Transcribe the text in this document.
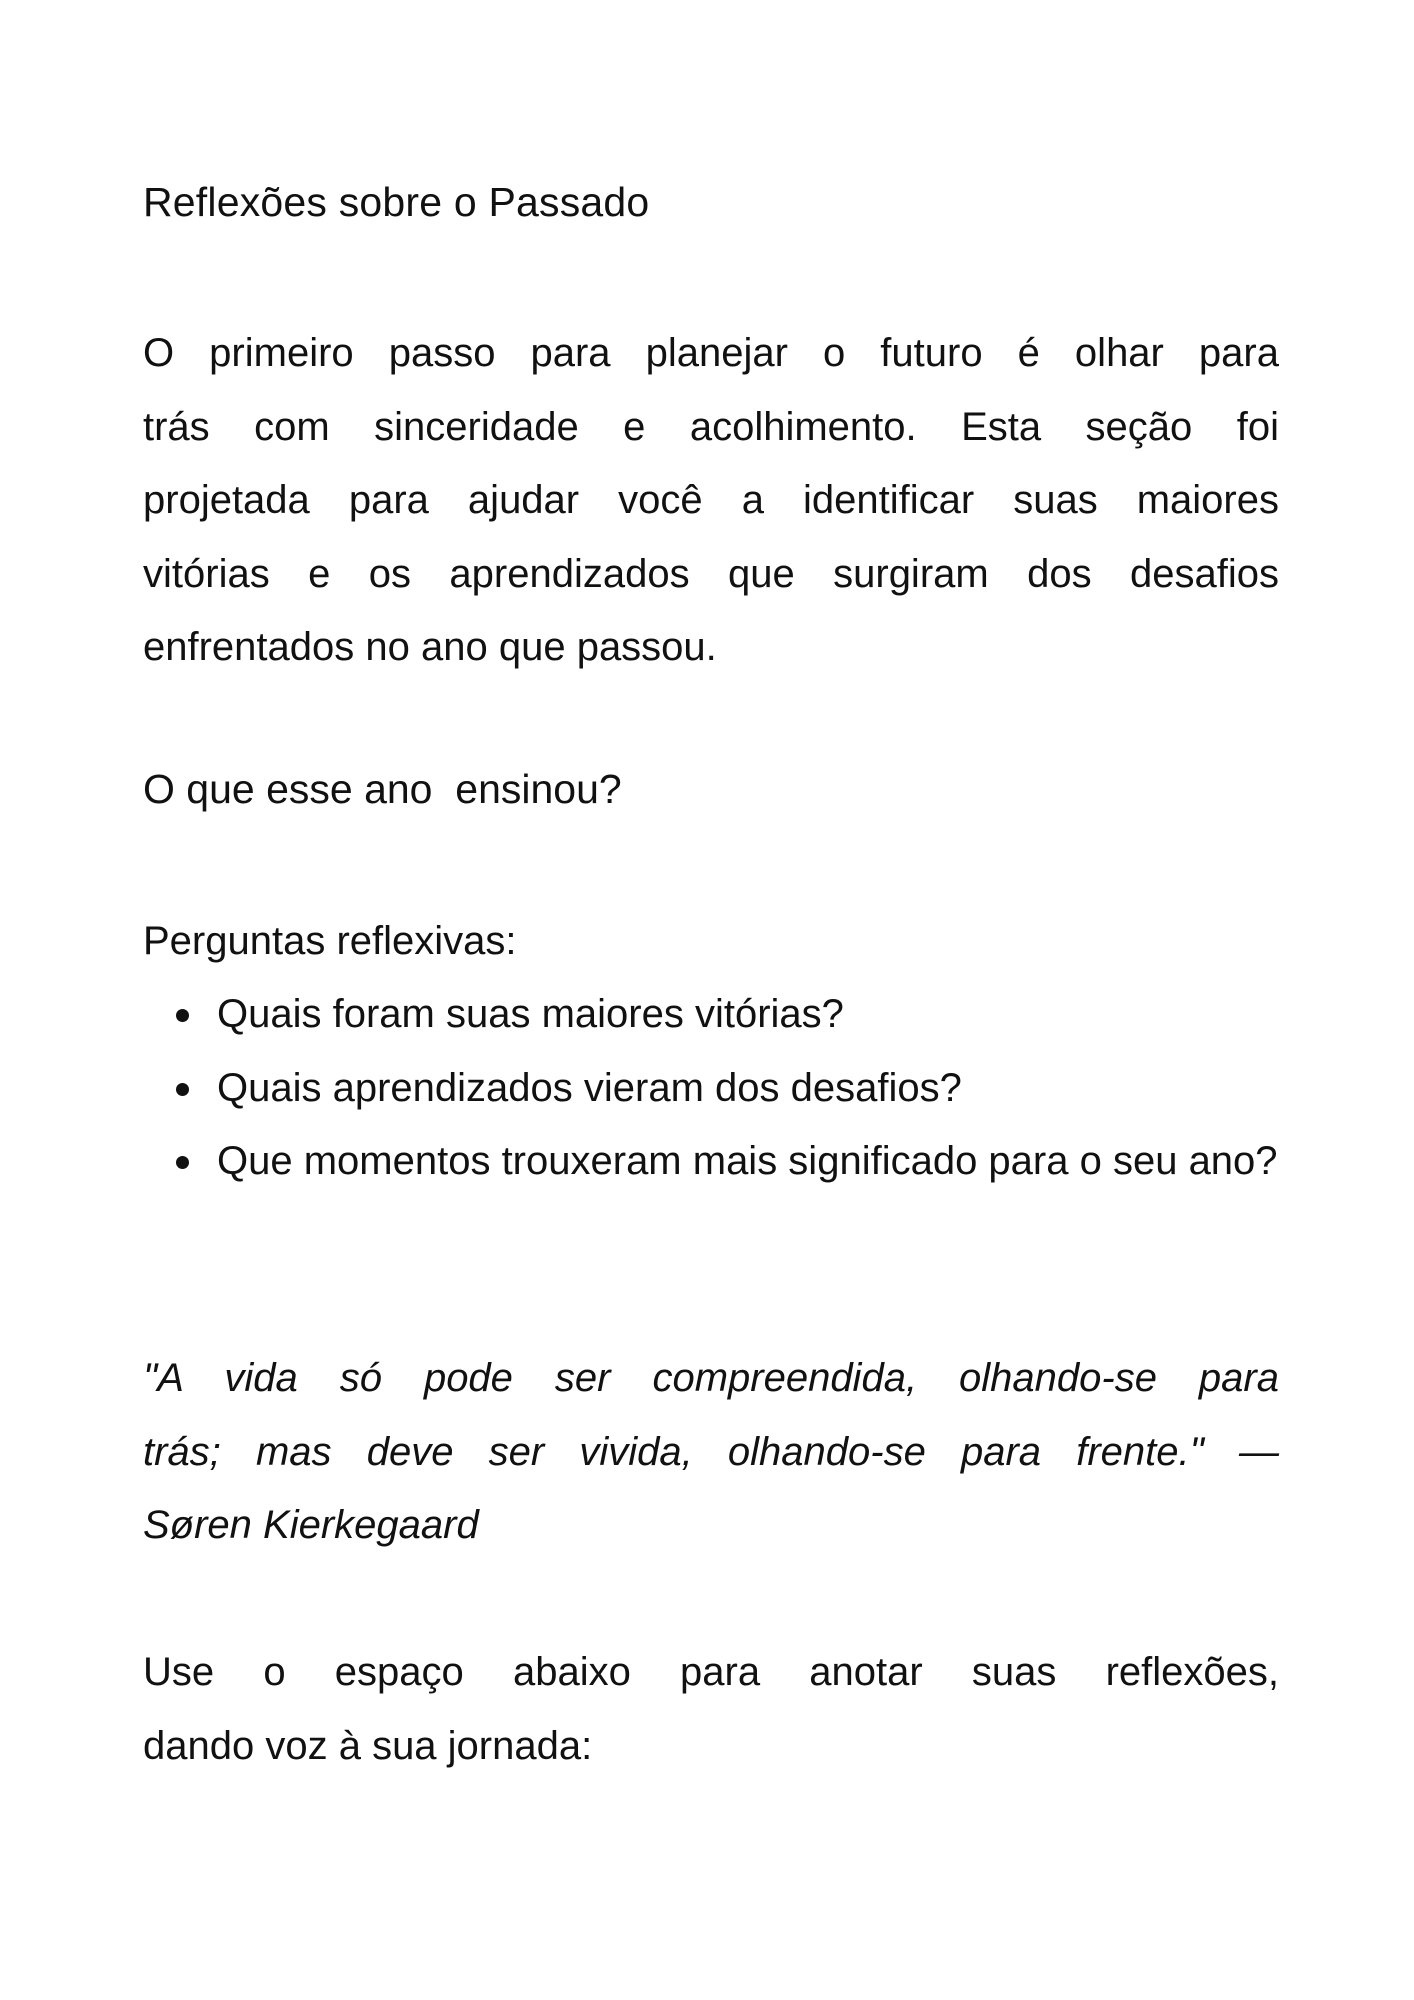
Reflexões sobre o Passado

O primeiro passo para planejar o futuro é olhar para
trás com sinceridade e acolhimento. Esta seção foi
projetada para ajudar você a identificar suas maiores
vitórias e os aprendizados que surgiram dos desafios
enfrentados no ano que passou.

O que esse ano  ensinou?

Perguntas reflexivas:

Quais foram suas maiores vitórias?
Quais aprendizados vieram dos desafios?
Que momentos trouxeram mais significado para o seu ano?

"A vida só pode ser compreendida, olhando-se para
trás; mas deve ser vivida, olhando-se para frente." —
Søren Kierkegaard

Use o espaço abaixo para anotar suas reflexões,
dando voz à sua jornada:
